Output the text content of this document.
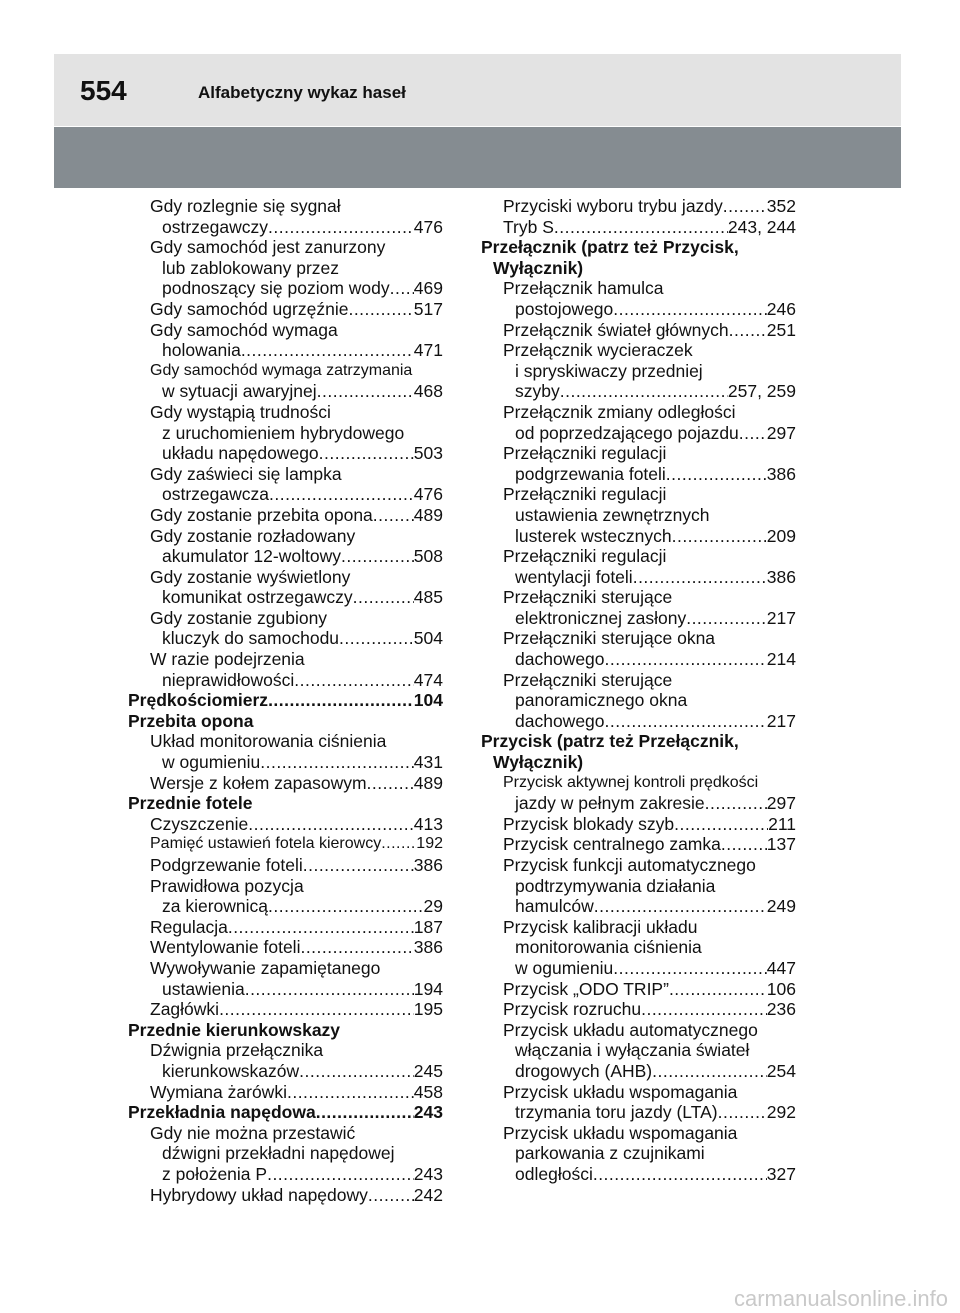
554	Alfabetyczny wykaz haseł
Gdy rozlegnie się sygnał
ostrzegawczy .....	476
Gdy samochód jest zanurzony
lub zablokowany przez
podnoszący się poziom wody ..... 469
Gdy samochód ugrzęźnie .....	517
Gdy samochód wymaga
holowania .....	471
Gdy samochód wymaga zatrzymania
w sytuacji awaryjnej .....	468
Gdy wystąpią trudności
z uruchomieniem hybrydowego
układu napędowego .....	503
Gdy zaświeci się lampka
ostrzegawcza .....	476
Gdy zostanie przebita opona ..... 489
Gdy zostanie rozładowany
akumulator 12-woltowy .....	508
Gdy zostanie wyświetlony
komunikat ostrzegawczy .....	485
Gdy zostanie zgubiony
kluczyk do samochodu .....	504
W razie podejrzenia
nieprawidłowości .....	474
Prędkościomierz .....	104
Przebita opona
Układ monitorowania ciśnienia
w ogumieniu .....	431
Wersje z kołem zapasowym .....	489
Przednie fotele
Czyszczenie .....	413
Pamięć ustawień fotela kierowcy ..... 192
Podgrzewanie foteli .....	386
Prawidłowa pozycja
za kierownicą .....	29
Regulacja .....	187
Wentylowanie foteli .....	386
Wywoływanie zapamiętanego
ustawienia .....	194
Zagłówki .....	195
Przednie kierunkowskazy
Dźwignia przełącznika
kierunkowskazów .....	245
Wymiana żarówki .....	458
Przekładnia napędowa .....	243
Gdy nie można przestawić
dźwigni przekładni napędowej
z położenia P .....	243
Hybrydowy układ napędowy .....	242
Przyciski wyboru trybu jazdy .....	352
Tryb S .....	243, 244
Przełącznik (patrz też Przycisk,
Wyłącznik)
Przełącznik hamulca
postojowego .....	246
Przełącznik świateł głównych ..... 251
Przełącznik wycieraczek
i spryskiwaczy przedniej
szyby .....	257, 259
Przełącznik zmiany odległości
od poprzedzającego pojazdu ..... 297
Przełączniki regulacji
podgrzewania foteli .....	386
Przełączniki regulacji
ustawienia zewnętrznych
lusterek wstecznych .....	209
Przełączniki regulacji
wentylacji foteli .....	386
Przełączniki sterujące
elektronicznej zasłony .....	217
Przełączniki sterujące okna
dachowego .....	214
Przełączniki sterujące
panoramicznego okna
dachowego .....	217
Przycisk (patrz też Przełącznik,
Wyłącznik)
Przycisk aktywnej kontroli prędkości
jazdy w pełnym zakresie .....	297
Przycisk blokady szyb .....	211
Przycisk centralnego zamka .....	137
Przycisk funkcji automatycznego
podtrzymywania działania
hamulców .....	249
Przycisk kalibracji układu
monitorowania ciśnienia
w ogumieniu .....	447
Przycisk „ODO TRIP” .....	106
Przycisk rozruchu .....	236
Przycisk układu automatycznego
włączania i wyłączania świateł
drogowych (AHB) .....	254
Przycisk układu wspomagania
trzymania toru jazdy (LTA) .....	292
Przycisk układu wspomagania
parkowania z czujnikami
odległości .....	327
carmanualsonline.info
